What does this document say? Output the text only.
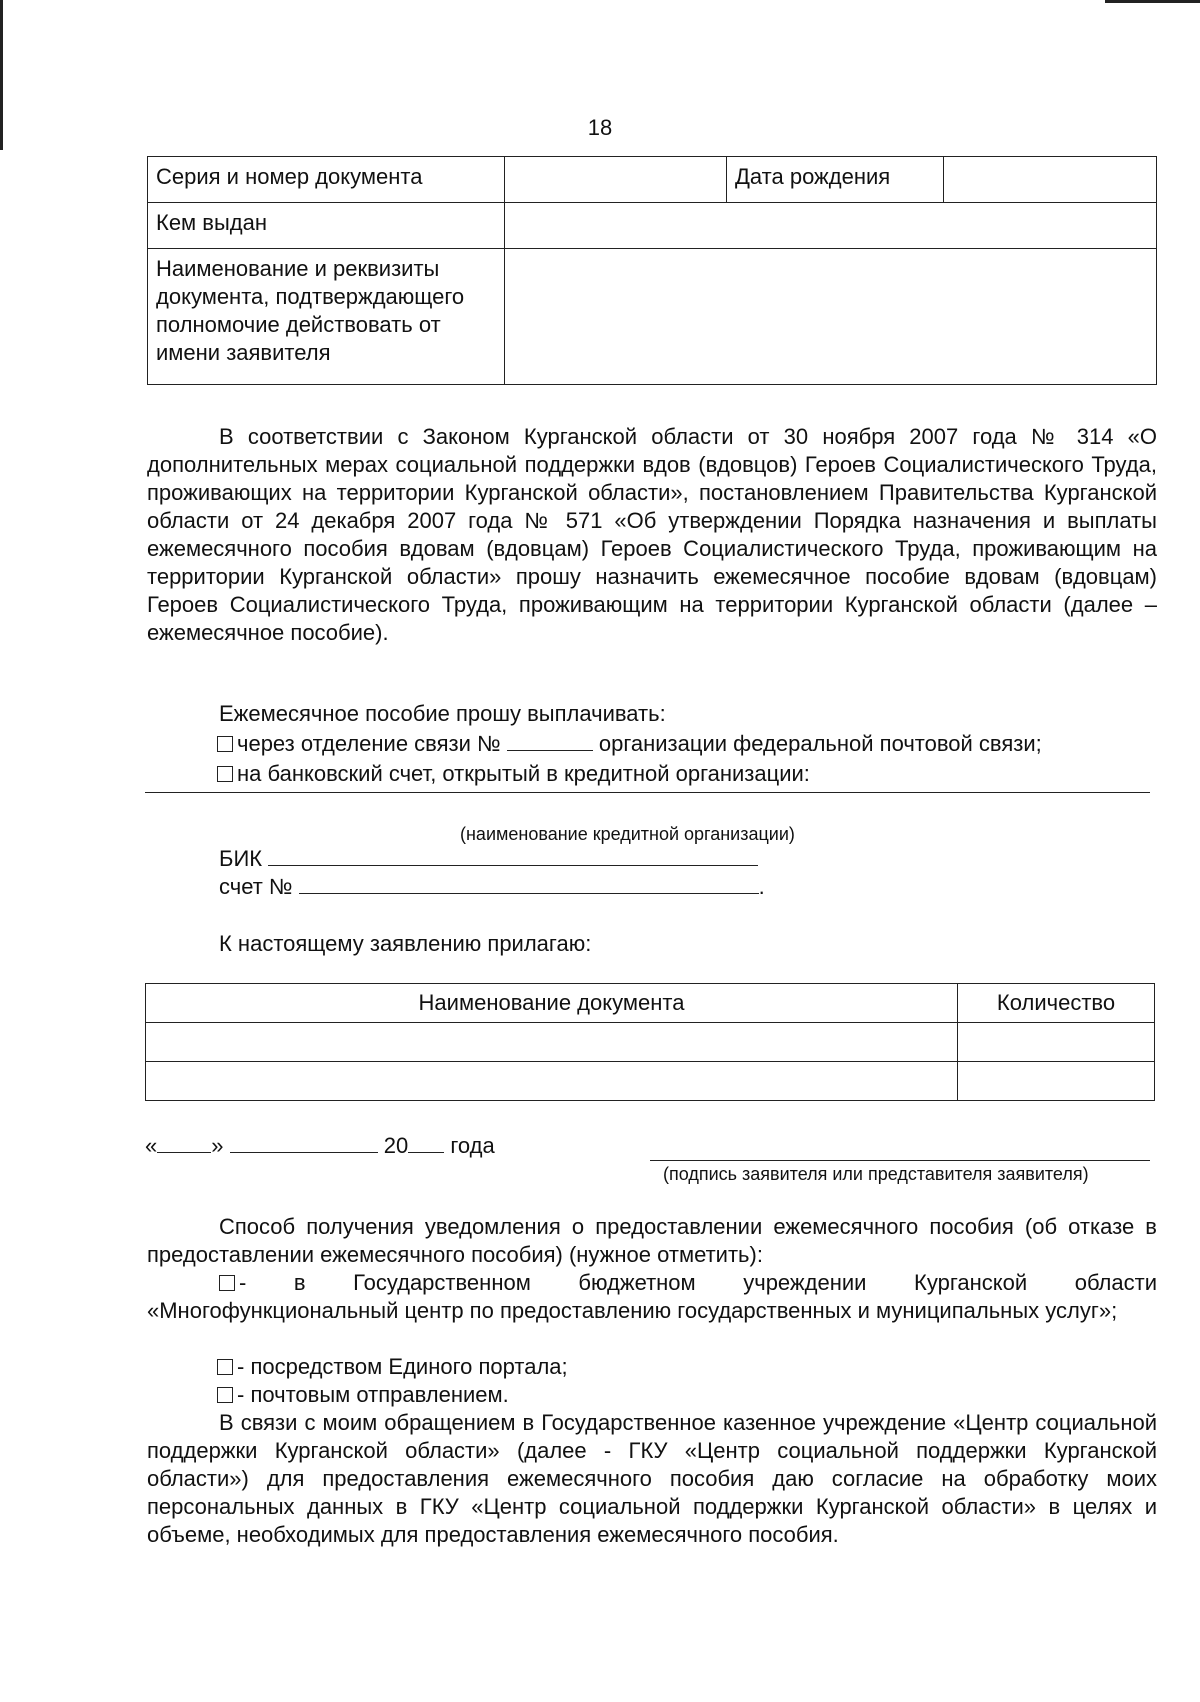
18
Серия и номер документа		Дата рождения	
Кем выдан			
Наименование и реквизиты документа, подтверждающего полномочие действовать от имени заявителя			
В соответствии с Законом Курганской области от 30 ноября 2007 года № 314 «О дополнительных мерах социальной поддержки вдов (вдовцов) Героев Социалистического Труда, проживающих на территории Курганской области», постановлением Правительства Курганской области от 24 декабря 2007 года № 571 «Об утверждении Порядка назначения и выплаты ежемесячного пособия вдовам (вдовцам) Героев Социалистического Труда, проживающим на территории Курганской области» прошу назначить ежемесячное пособие вдовам (вдовцам) Героев Социалистического Труда, проживающим на территории Курганской области (далее – ежемесячное пособие).
Ежемесячное пособие прошу выплачивать:
через отделение связи №	организации федеральной почтовой связи;
на банковский счет, открытый в кредитной организации:
(наименование кредитной организации)
БИК
счет №	.
К настоящему заявлению прилагаю:
Наименование документа	Количество

« »	20 года
(подпись заявителя или представителя заявителя)
Способ получения уведомления о предоставлении ежемесячного пособия (об отказе в предоставлении ежемесячного пособия) (нужное отметить):
- в Государственном бюджетном учреждении Курганской области «Многофункциональный центр по предоставлению государственных и муниципальных услуг»;
- посредством Единого портала;
- почтовым отправлением.
В связи с моим обращением в Государственное казенное учреждение «Центр социальной поддержки Курганской области» (далее - ГКУ «Центр социальной поддержки Курганской области») для предоставления ежемесячного пособия даю согласие на обработку моих персональных данных в ГКУ «Центр социальной поддержки Курганской области» в целях и объеме, необходимых для предоставления ежемесячного пособия.
